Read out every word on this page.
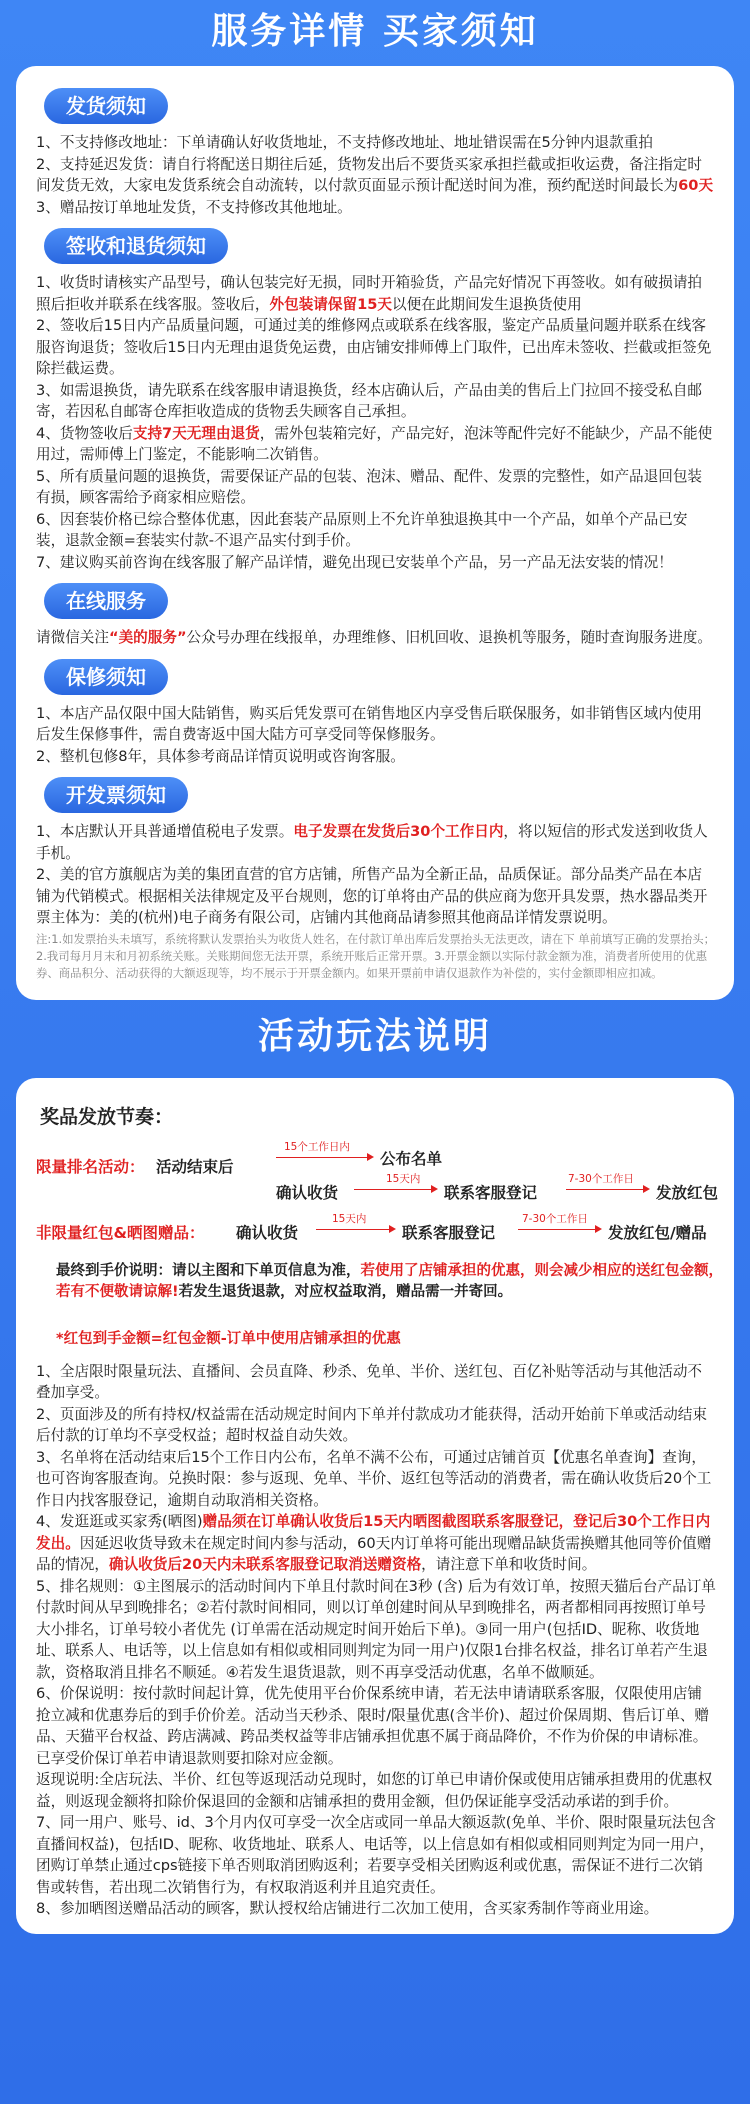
服务详情 买家须知
发货须知

1、不支持修改地址：下单请确认好收货地址，不支持修改地址、地址错误需在5分钟内退款重拍

2、支持延迟发货：请自行将配送日期往后延，货物发出后不要货买家承担拦截或拒收运费，备注指定时间发货无效，大家电发货系统会自动流转，以付款页面显示预计配送时间为准，预约配送时间最长为60天

3、赠品按订单地址发货，不支持修改其他地址。

签收和退货须知

1、收货时请核实产品型号，确认包装完好无损，同时开箱验货，产品完好情况下再签收。如有破损请拍照后拒收并联系在线客服。签收后，外包装请保留15天以便在此期间发生退换货使用

2、签收后15日内产品质量问题，可通过美的维修网点或联系在线客服，鉴定产品质量问题并联系在线客服咨询退货；签收后15日内无理由退货免运费，由店铺安排师傅上门取件，已出库未签收、拦截或拒签免除拦截运费。

3、如需退换货，请先联系在线客服申请退换货，经本店确认后，产品由美的售后上门拉回不接受私自邮寄，若因私自邮寄仓库拒收造成的货物丢失顾客自己承担。

4、货物签收后支持7天无理由退货，需外包装箱完好，产品完好，泡沫等配件完好不能缺少，产品不能使用过，需师傅上门鉴定，不能影响二次销售。

5、所有质量问题的退换货，需要保证产品的包装、泡沫、赠品、配件、发票的完整性，如产品退回包装有损，顾客需给予商家相应赔偿。

6、因套装价格已综合整体优惠，因此套装产品原则上不允许单独退换其中一个产品，如单个产品已安装，退款金额=套装实付款-不退产品实付到手价。

7、建议购买前咨询在线客服了解产品详情，避免出现已安装单个产品，另一产品无法安装的情况！

在线服务

请微信关注“美的服务”公众号办理在线报单，办理维修、旧机回收、退换机等服务，随时查询服务进度。

保修须知

1、本店产品仅限中国大陆销售，购买后凭发票可在销售地区内享受售后联保服务，如非销售区域内使用后发生保修事件，需自费寄返中国大陆方可享受同等保修服务。

2、整机包修8年，具体参考商品详情页说明或咨询客服。

开发票须知

1、本店默认开具普通增值税电子发票。电子发票在发货后30个工作日内，将以短信的形式发送到收货人手机。

2、美的官方旗舰店为美的集团直营的官方店铺，所售产品为全新正品，品质保证。部分品类产品在本店铺为代销模式。根据相关法律规定及平台规则，您的订单将由产品的供应商为您开具发票，热水器品类开票主体为：美的(杭州)电子商务有限公司，店铺内其他商品请参照其他商品详情发票说明。

注:1.如发票抬头未填写，系统将默认发票抬头为收货人姓名，在付款订单出库后发票抬头无法更改，请在下 单前填写正确的发票抬头；2.我司每月月末和月初系统关账。关账期间您无法开票，系统开账后正常开票。3.开票金额以实际付款金额为准，消费者所使用的优惠券、商品积分、活动获得的大额返现等，均不展示于开票金额内。如果开票前申请仅退款作为补偿的，实付金额即相应扣减。

活动玩法说明
奖品发放节奏：
限量排名活动： 活动结束后
15个工作日内
公布名单
确认收货
15天内
联系客服登记
7-30个工作日
发放红包
非限量红包&晒图赠品： 确认收货
15天内
联系客服登记
7-30个工作日
发放红包/赠品
最终到手价说明：请以主图和下单页信息为准，若使用了店铺承担的优惠，则会减少相应的送红包金额，若有不便敬请谅解!若发生退货退款，对应权益取消，赠品需一并寄回。
*红包到手金额=红包金额-订单中使用店铺承担的优惠

1、全店限时限量玩法、直播间、会员直降、秒杀、免单、半价、送红包、百亿补贴等活动与其他活动不叠加享受。

2、页面涉及的所有持权/权益需在活动规定时间内下单并付款成功才能获得，活动开始前下单或活动结束后付款的订单均不享受权益；超时权益自动失效。

3、名单将在活动结束后15个工作日内公布，名单不满不公布，可通过店铺首页【优惠名单查询】查询，也可咨询客服查询。兑换时限：参与返现、免单、半价、返红包等活动的消费者，需在确认收货后20个工作日内找客服登记，逾期自动取消相关资格。

4、发逛逛或买家秀(晒图)赠品须在订单确认收货后15天内晒图截图联系客服登记，登记后30个工作日内发出。因延迟收货导致未在规定时间内参与活动，60天内订单将可能出现赠品缺货需换赠其他同等价值赠品的情况，确认收货后20天内未联系客服登记取消送赠资格，请注意下单和收货时间。

5、排名规则：①主图展示的活动时间内下单且付款时间在3秒 (含) 后为有效订单，按照天猫后台产品订单付款时间从早到晚排名；②若付款时间相同，则以订单创建时间从早到晚排名，两者都相同再按照订单号大小排名，订单号较小者优先 (订单需在活动规定时间开始后下单)。③同一用户(包括ID、昵称、收货地址、联系人、电话等，以上信息如有相似或相同则判定为同一用户)仅限1台排名权益，排名订单若产生退款，资格取消且排名不顺延。④若发生退货退款，则不再享受活动优惠，名单不做顺延。

6、价保说明：按付款时间起计算，优先使用平台价保系统申请，若无法申请请联系客服，仅限使用店铺抢立减和优惠券后的到手价价差。活动当天秒杀、限时/限量优惠(含半价)、超过价保周期、售后订单、赠品、天猫平台权益、跨店满减、跨品类权益等非店铺承担优惠不属于商品降价，不作为价保的申请标准。已享受价保订单若申请退款则要扣除对应金额。

返现说明:全店玩法、半价、红包等返现活动兑现时，如您的订单已申请价保或使用店铺承担费用的优惠权益，则返现金额将扣除价保退回的金额和店铺承担的费用金额，但仍保证能享受活动承诺的到手价。

7、同一用户、账号、id、3个月内仅可享受一次全店或同一单品大额返款(免单、半价、限时限量玩法包含直播间权益)，包括ID、昵称、收货地址、联系人、电话等，以上信息如有相似或相同则判定为同一用户，团购订单禁止通过cps链接下单否则取消团购返利；若要享受相关团购返利或优惠，需保证不进行二次销售或转售，若出现二次销售行为，有权取消返利并且追究责任。

8、参加晒图送赠品活动的顾客，默认授权给店铺进行二次加工使用，含买家秀制作等商业用途。
